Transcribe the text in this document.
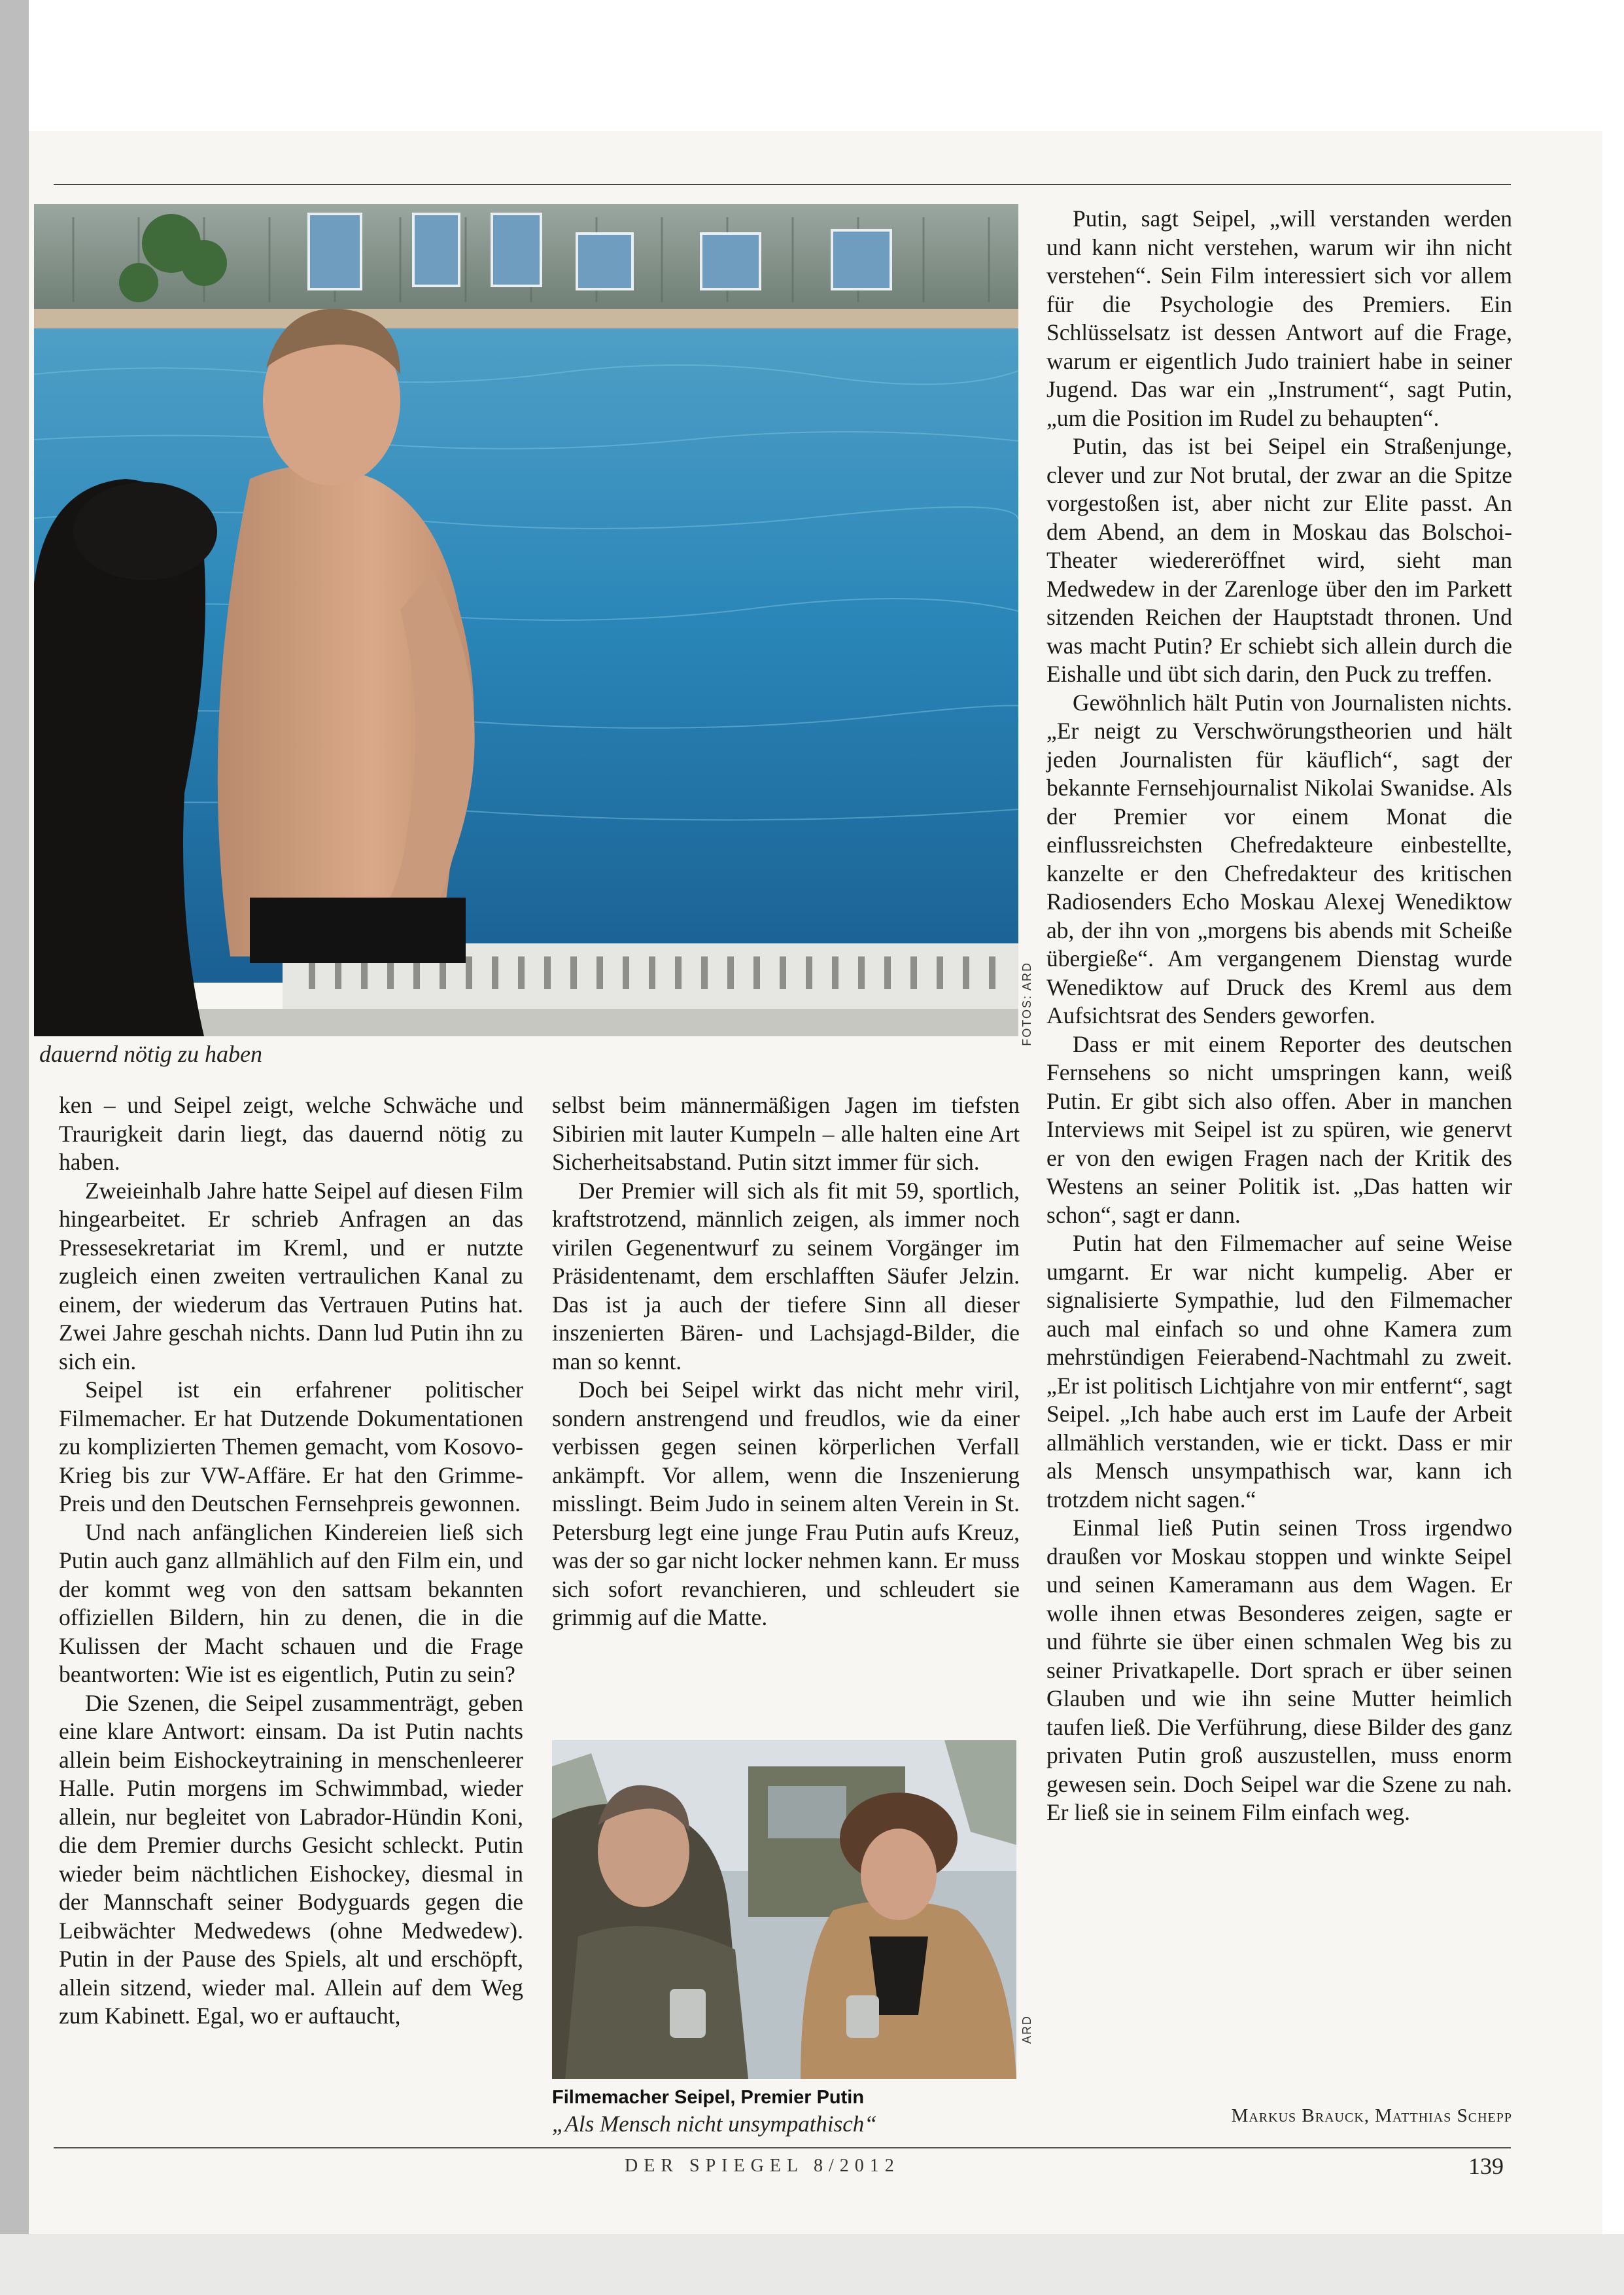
FOTOS: ARD
dauernd nötig zu haben

ken – und Seipel zeigt, welche Schwäche und Traurigkeit darin liegt, das dauernd nötig zu haben.

Zweieinhalb Jahre hatte Seipel auf diesen Film hingearbeitet. Er schrieb Anfragen an das Pressesekretariat im Kreml, und er nutzte zugleich einen zweiten vertraulichen Kanal zu einem, der wiederum das Vertrauen Putins hat. Zwei Jahre geschah nichts. Dann lud Putin ihn zu sich ein.

Seipel ist ein erfahrener politischer Filmemacher. Er hat Dutzende Dokumentationen zu komplizierten Themen gemacht, vom Kosovo-Krieg bis zur VW-Affäre. Er hat den Grimme-Preis und den Deutschen Fernsehpreis gewonnen.

Und nach anfänglichen Kindereien ließ sich Putin auch ganz allmählich auf den Film ein, und der kommt weg von den sattsam bekannten offiziellen Bildern, hin zu denen, die in die Kulissen der Macht schauen und die Frage beantworten: Wie ist es eigentlich, Putin zu sein?

Die Szenen, die Seipel zusammenträgt, geben eine klare Antwort: einsam. Da ist Putin nachts allein beim Eishockeytraining in menschenleerer Halle. Putin morgens im Schwimmbad, wieder allein, nur begleitet von Labrador-Hündin Koni, die dem Premier durchs Gesicht schleckt. Putin wieder beim nächtlichen Eishockey, diesmal in der Mannschaft seiner Bodyguards gegen die Leibwächter Medwedews (ohne Medwedew). Putin in der Pause des Spiels, alt und erschöpft, allein sitzend, wieder mal. Allein auf dem Weg zum Kabinett. Egal, wo er auftaucht,

selbst beim männermäßigen Jagen im tiefsten Sibirien mit lauter Kumpeln – alle halten eine Art Sicherheitsabstand. Putin sitzt immer für sich.

Der Premier will sich als fit mit 59, sportlich, kraftstrotzend, männlich zeigen, als immer noch virilen Gegenentwurf zu seinem Vorgänger im Präsidentenamt, dem erschlafften Säufer Jelzin. Das ist ja auch der tiefere Sinn all dieser inszenierten Bären- und Lachsjagd-Bilder, die man so kennt.

Doch bei Seipel wirkt das nicht mehr viril, sondern anstrengend und freudlos, wie da einer verbissen gegen seinen körperlichen Verfall ankämpft. Vor allem, wenn die Inszenierung misslingt. Beim Judo in seinem alten Verein in St. Petersburg legt eine junge Frau Putin aufs Kreuz, was der so gar nicht locker nehmen kann. Er muss sich sofort revanchieren, und schleudert sie grimmig auf die Matte.

ARD
Filmemacher Seipel, Premier Putin
„Als Mensch nicht unsympathisch“

Putin, sagt Seipel, „will verstanden werden und kann nicht verstehen, warum wir ihn nicht verstehen“. Sein Film interessiert sich vor allem für die Psychologie des Premiers. Ein Schlüsselsatz ist dessen Antwort auf die Frage, warum er eigentlich Judo trainiert habe in seiner Jugend. Das war ein „Instrument“, sagt Putin, „um die Position im Rudel zu behaupten“.

Putin, das ist bei Seipel ein Straßenjunge, clever und zur Not brutal, der zwar an die Spitze vorgestoßen ist, aber nicht zur Elite passt. An dem Abend, an dem in Moskau das Bolschoi-Theater wiedereröffnet wird, sieht man Medwedew in der Zarenloge über den im Parkett sitzenden Reichen der Hauptstadt thronen. Und was macht Putin? Er schiebt sich allein durch die Eishalle und übt sich darin, den Puck zu treffen.

Gewöhnlich hält Putin von Journalisten nichts. „Er neigt zu Verschwörungstheorien und hält jeden Journalisten für käuflich“, sagt der bekannte Fernsehjournalist Nikolai Swanidse. Als der Premier vor einem Monat die einflussreichsten Chefredakteure einbestellte, kanzelte er den Chefredakteur des kritischen Radiosenders Echo Moskau Alexej Wenediktow ab, der ihn von „morgens bis abends mit Scheiße übergieße“. Am vergangenem Dienstag wurde Wenediktow auf Druck des Kreml aus dem Aufsichtsrat des Senders geworfen.

Dass er mit einem Reporter des deutschen Fernsehens so nicht umspringen kann, weiß Putin. Er gibt sich also offen. Aber in manchen Interviews mit Seipel ist zu spüren, wie genervt er von den ewigen Fragen nach der Kritik des Westens an seiner Politik ist. „Das hatten wir schon“, sagt er dann.

Putin hat den Filmemacher auf seine Weise umgarnt. Er war nicht kumpelig. Aber er signalisierte Sympathie, lud den Filmemacher auch mal einfach so und ohne Kamera zum mehrstündigen Feierabend-Nachtmahl zu zweit. „Er ist politisch Lichtjahre von mir entfernt“, sagt Seipel. „Ich habe auch erst im Laufe der Arbeit allmählich verstanden, wie er tickt. Dass er mir als Mensch unsympathisch war, kann ich trotzdem nicht sagen.“

Einmal ließ Putin seinen Tross irgendwo draußen vor Moskau stoppen und winkte Seipel und seinen Kameramann aus dem Wagen. Er wolle ihnen etwas Besonderes zeigen, sagte er und führte sie über einen schmalen Weg bis zu seiner Privatkapelle. Dort sprach er über seinen Glauben und wie ihn seine Mutter heimlich taufen ließ. Die Verführung, diese Bilder des ganz privaten Putin groß auszustellen, muss enorm gewesen sein. Doch Seipel war die Szene zu nah. Er ließ sie in seinem Film einfach weg.

Markus Brauck, Matthias Schepp
DER SPIEGEL 8/2012	139
